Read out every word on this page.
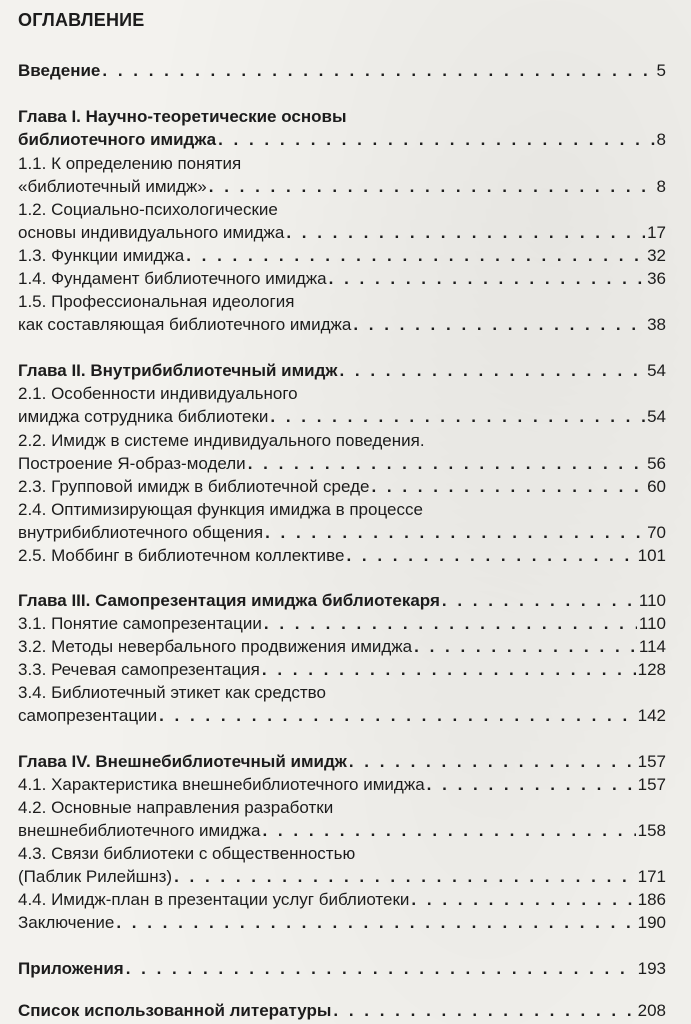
ОГЛАВЛЕНИЕ
Введение . . .	5
Глава I. Научно-теоретические основы
библиотечного имиджа . . .	8
1.1. К определению понятия
«библиотечный имидж» . . .	8
1.2. Социально-психологические
основы индивидуального имиджа . . .	17
1.3. Функции имиджа . . .	32
1.4. Фундамент библиотечного имиджа . . .	36
1.5. Профессиональная идеология
как составляющая библиотечного имиджа . . .	38
Глава II. Внутрибиблиотечный имидж . . .	54
2.1. Особенности индивидуального
имиджа сотрудника библиотеки . . .	54
2.2. Имидж в системе индивидуального поведения.
Построение Я-образ-модели . . .	56
2.3. Групповой имидж в библиотечной среде . . .	60
2.4. Оптимизирующая функция имиджа в процессе
внутрибиблиотечного общения . . .	70
2.5. Моббинг в библиотечном коллективе . . .	101
Глава III. Самопрезентация имиджа библиотекаря . . .	110
3.1. Понятие самопрезентации . . .	110
3.2. Методы невербального продвижения имиджа . . .	114
3.3. Речевая самопрезентация . . .	128
3.4. Библиотечный этикет как средство
самопрезентации . . .	142
Глава IV. Внешнебиблиотечный имидж . . .	157
4.1. Характеристика внешнебиблиотечного имиджа . . .	157
4.2. Основные направления разработки
внешнебиблиотечного имиджа . . .	158
4.3. Связи библиотеки с общественностью
(Паблик Рилейшнз) . . .	171
4.4. Имидж-план в презентации услуг библиотеки . . .	186
Заключение . . .	190
Приложения . . .	193
Список использованной литературы . . .	208
